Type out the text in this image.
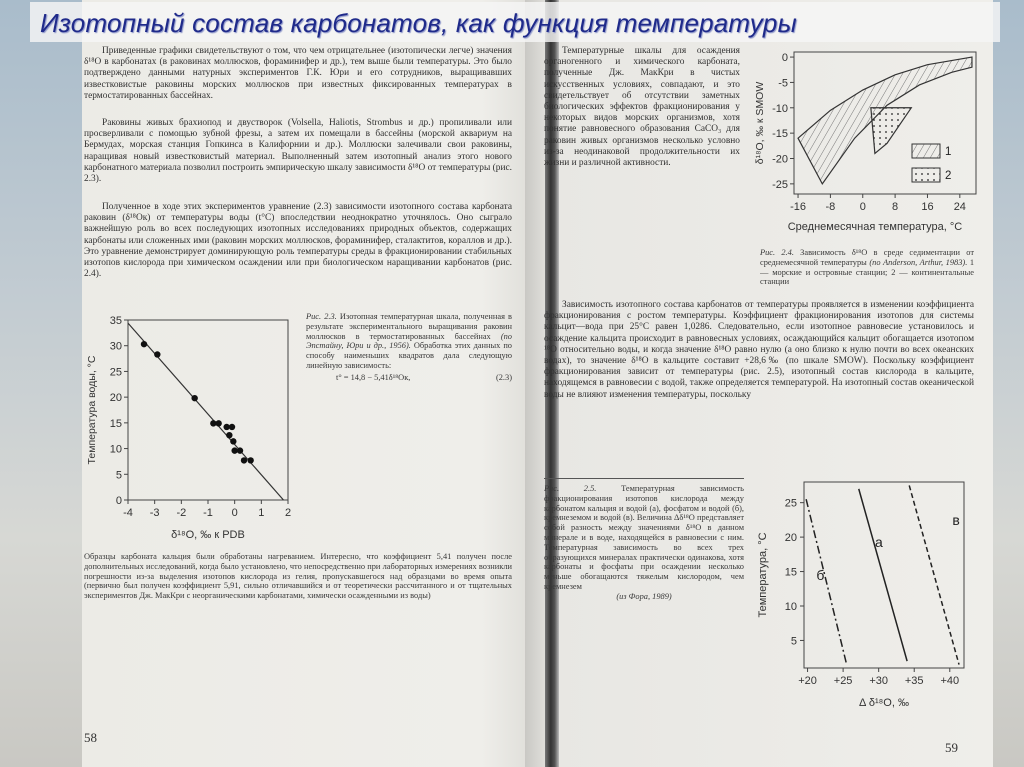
Изотопный состав карбонатов, как функция температуры
Приведенные графики свидетельствуют о том, что чем отрицательнее (изотопически легче) значения δ¹⁸O в карбонатах (в раковинах моллюсков, фораминифер и др.), тем выше были температуры. Это было подтверждено данными натурных экспериментов Г.К. Юри и его сотрудников, выращивавших известковистые раковины морских моллюсков при известных фиксированных температурах в термостатированных бассейнах.
Раковины живых брахиопод и двустворок (Volsella, Haliotis, Strombus и др.) пропиливали или просверливали с помощью зубной фрезы, а затем их помещали в бассейны (морской аквариум на Бермудах, морская станция Гопкинса в Калифорнии и др.). Моллюски залечивали свои раковины, наращивая новый известковистый материал. Выполненный затем изотопный анализ этого нового карбонатного материала позволил построить эмпирическую шкалу зависимости δ¹⁸O от температуры (рис. 2.3).
Полученное в ходе этих экспериментов уравнение (2.3) зависимости изотопного состава карбоната раковин (δ¹⁸Oк) от температуры воды (t°C) впоследствии неоднократно уточнялось. Оно сыграло важнейшую роль во всех последующих изотопных исследованиях природных объектов, содержащих карбонаты или сложенных ими (раковин морских моллюсков, фораминифер, сталактитов, кораллов и др.). Это уравнение демонстрирует доминирующую роль температуры среды в фракционировании стабильных изотопов кислорода при химическом осаждении или при биологическом наращивании карбонатов (рис. 2.4).
-4 -3 -2 -1 0 1 2
0
5
10
15
20
25
30
35
δ¹⁸O, ‰ к PDB
Температура воды, °С
Рис. 2.3. Изотопная температурная шкала, полученная в результате экспериментального выращивания раковин моллюсков в термостатированных бассейнах (по Эпстайну, Юри и др., 1956). Обработка этих данных по способу наименьших квадратов дала следующую линейную зависимость:
t° = 14,8 − 5,41δ¹⁸Oк,	(2.3)
Образцы карбоната кальция были обработаны нагреванием. Интересно, что коэффициент 5,41 получен после дополнительных исследований, когда было установлено, что непосредственно при лабораторных измерениях возникли погрешности из-за выделения изотопов кислорода из гелия, пропускавшегося над образцами во время опыта (первично был получен коэффициент 5,91, сильно отличавшийся и от теоретически рассчитанного и от тщательных экспериментов Дж. МакКри с неорганическими карбонатами, химически осажденными из воды)
58
Температурные шкалы для осаждения органогенного и химического карбоната, полученные Дж. МакКри в чистых искусственных условиях, совпадают, и это свидетельствует об отсутствии заметных биологических эффектов фракционирования у некоторых видов морских организмов, хотя понятие равновесного образования CaCO₃ для раковин живых организмов несколько условно из-за неодинаковой продолжительности их жизни и различной активности.
-16 -8 0 8 16 24
0
-5
-10
-15
-20
-25
1
2
Среднемесячная температура, °С
δ¹⁸O, ‰ к SMOW
Рис. 2.4. Зависимость δ¹⁸O в среде седиментации от среднемесячной температуры (по Anderson, Arthur, 1983). 1 — морские и островные станции; 2 — континентальные станции
Зависимость изотопного состава карбонатов от температуры проявляется в изменении коэффициента фракционирования с ростом температуры. Коэффициент фракционирования изотопов для системы кальцит—вода при 25°С равен 1,0286. Следовательно, если изотопное равновесие установилось и осаждение кальцита происходит в равновесных условиях, осаждающийся кальцит обогащается изотопом ¹⁸O относительно воды, и когда значение δ¹⁸O равно нулю (а оно близко к нулю почти во всех океанских водах), то значение δ¹⁸O в кальците составит +28,6‰ (по шкале SMOW). Поскольку коэффициент фракционирования зависит от температуры (рис. 2.5), изотопный состав кислорода в кальците, находящемся в равновесии с водой, также определяется температурой. На изотопный состав океанической воды не влияют изменения температуры, поскольку
Рис. 2.5.	Температурная зависимость фракционирования изотопов кислорода между карбонатом кальция и водой (а), фосфатом и водой (б), кремнеземом и водой (в). Величина Δδ¹⁸O представляет собой разность между значениями δ¹⁸O в данном минерале и в воде, находящейся в равновесии с ним. Температурная зависимость во всех трех образующихся минералах практически одинакова, хотя карбонаты и фосфаты при осаждении несколько меньше обогащаются тяжелым кислородом, чем кремнезем
(из Фора, 1989)
б
а
в
+20 +25 +30 +35 +40
5
10
15
20
25
Δ δ¹⁸O, ‰
Температура, °С
59
